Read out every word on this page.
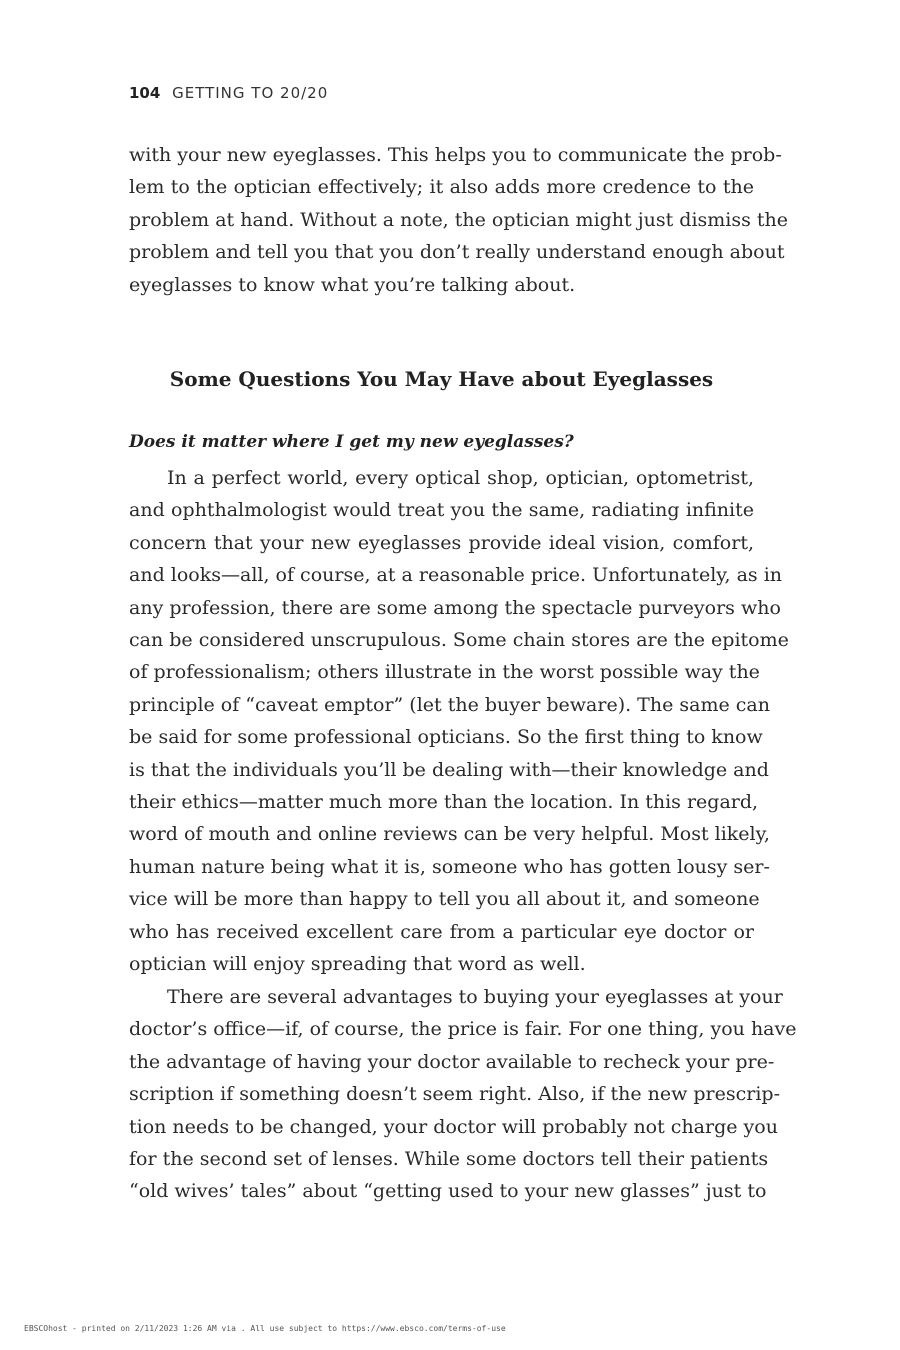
104 GETTING TO 20/20

with your new eyeglasses. This helps you to communicate the prob-
lem to the optician effectively; it also adds more credence to the
problem at hand. Without a note, the optician might just dismiss the
problem and tell you that you don’t really understand enough about
eyeglasses to know what you’re talking about.

Some Questions You May Have about Eyeglasses
Does it matter where I get my new eyeglasses?

In a perfect world, every optical shop, optician, optometrist,
and ophthalmologist would treat you the same, radiating infinite
concern that your new eyeglasses provide ideal vision, comfort,
and looks—all, of course, at a reasonable price. Unfortunately, as in
any profession, there are some among the spectacle purveyors who
can be considered unscrupulous. Some chain stores are the epitome
of professionalism; others illustrate in the worst possible way the
principle of “caveat emptor” (let the buyer beware). The same can
be said for some professional opticians. So the first thing to know
is that the individuals you’ll be dealing with—their knowledge and
their ethics—matter much more than the location. In this regard,
word of mouth and online reviews can be very helpful. Most likely,
human nature being what it is, someone who has gotten lousy ser-
vice will be more than happy to tell you all about it, and someone
who has received excellent care from a particular eye doctor or
optician will enjoy spreading that word as well.

There are several advantages to buying your eyeglasses at your
doctor’s office—if, of course, the price is fair. For one thing, you have
the advantage of having your doctor available to recheck your pre-
scription if something doesn’t seem right. Also, if the new prescrip-
tion needs to be changed, your doctor will probably not charge you
for the second set of lenses. While some doctors tell their patients
“old wives’ tales” about “getting used to your new glasses” just to

EBSCOhost - printed on 2/11/2023 1:26 AM via . All use subject to https://www.ebsco.com/terms-of-use
